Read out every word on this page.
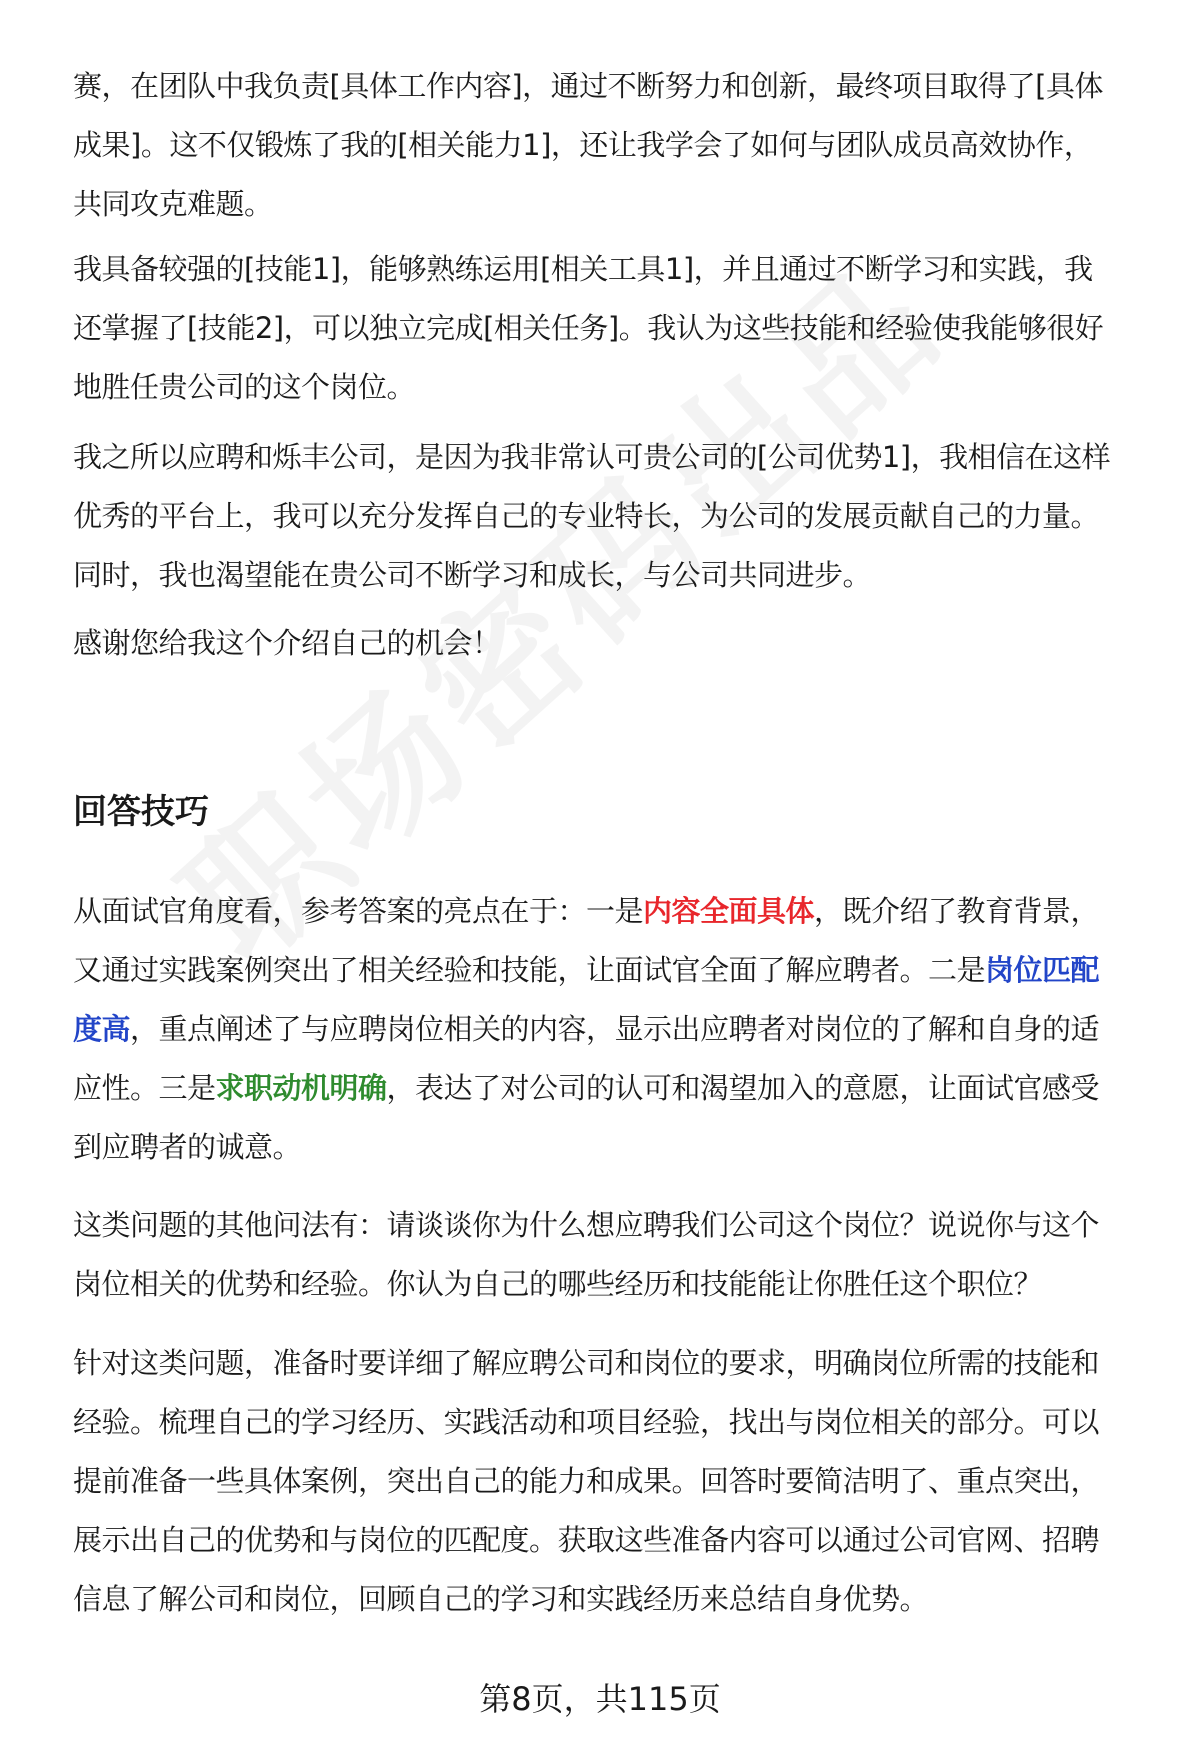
赛，在团队中我负责[具体工作内容]，通过不断努力和创新，最终项目取得了[具体
成果]。这不仅锻炼了我的[相关能力1]，还让我学会了如何与团队成员高效协作，
共同攻克难题。

我具备较强的[技能1]，能够熟练运用[相关工具1]，并且通过不断学习和实践，我
还掌握了[技能2]，可以独立完成[相关任务]。我认为这些技能和经验使我能够很好
地胜任贵公司的这个岗位。

我之所以应聘和烁丰公司，是因为我非常认可贵公司的[公司优势1]，我相信在这样
优秀的平台上，我可以充分发挥自己的专业特长，为公司的发展贡献自己的力量。
同时，我也渴望能在贵公司不断学习和成长，与公司共同进步。

感谢您给我这个介绍自己的机会！

回答技巧

从面试官角度看，参考答案的亮点在于：一是内容全面具体，既介绍了教育背景，
又通过实践案例突出了相关经验和技能，让面试官全面了解应聘者。二是岗位匹配
度高，重点阐述了与应聘岗位相关的内容，显示出应聘者对岗位的了解和自身的适
应性。三是求职动机明确，表达了对公司的认可和渴望加入的意愿，让面试官感受
到应聘者的诚意。

这类问题的其他问法有：请谈谈你为什么想应聘我们公司这个岗位？说说你与这个
岗位相关的优势和经验。你认为自己的哪些经历和技能能让你胜任这个职位？

针对这类问题，准备时要详细了解应聘公司和岗位的要求，明确岗位所需的技能和
经验。梳理自己的学习经历、实践活动和项目经验，找出与岗位相关的部分。可以
提前准备一些具体案例，突出自己的能力和成果。回答时要简洁明了、重点突出，
展示出自己的优势和与岗位的匹配度。获取这些准备内容可以通过公司官网、招聘
信息了解公司和岗位，回顾自己的学习和实践经历来总结自身优势。

第8页，共115页
